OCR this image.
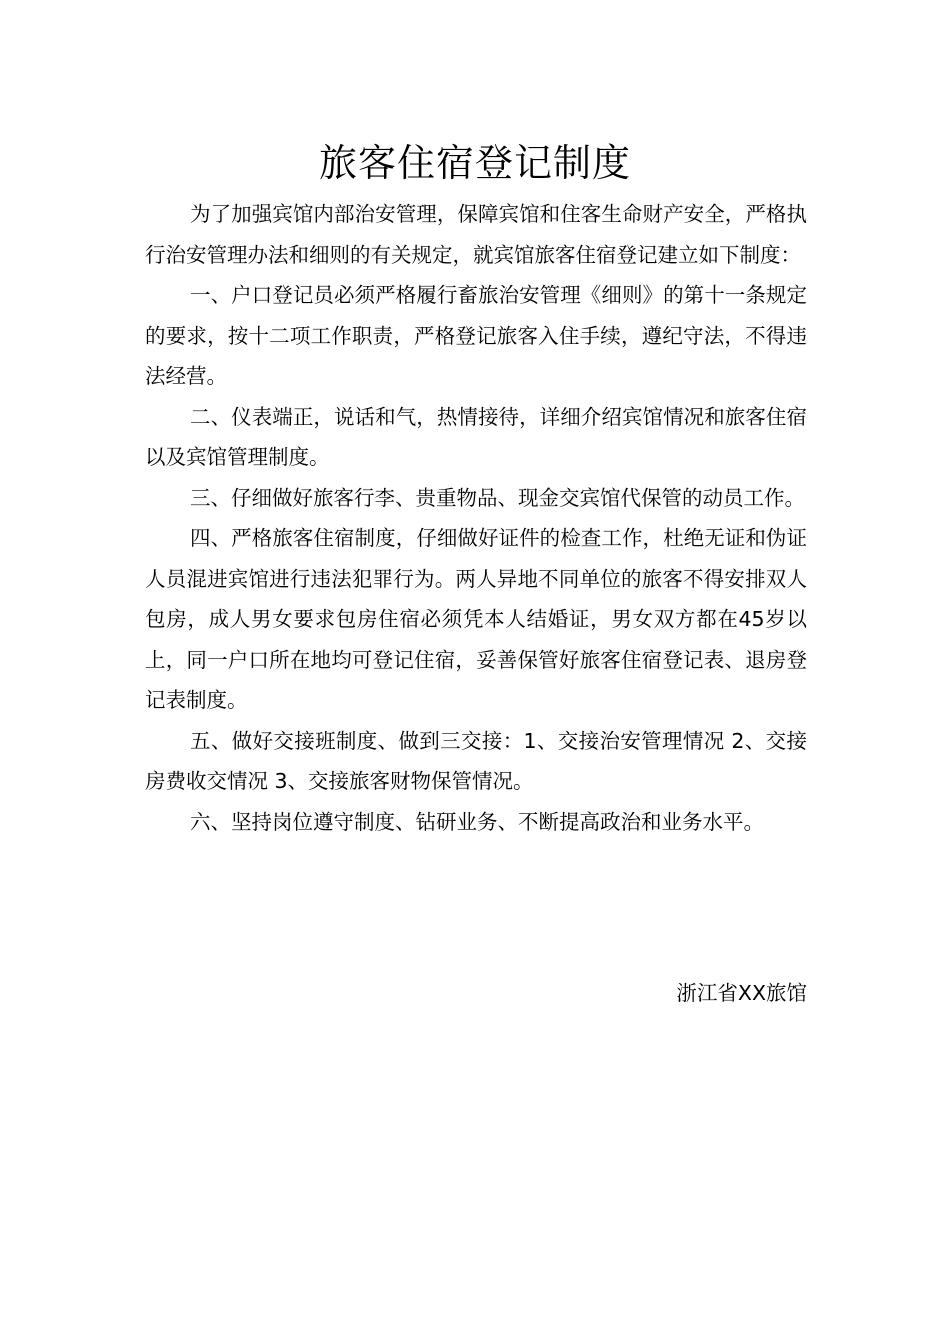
旅客住宿登记制度

为了加强宾馆内部治安管理，保障宾馆和住客生命财产安全，严格执行治安管理办法和细则的有关规定，就宾馆旅客住宿登记建立如下制度：

一、户口登记员必须严格履行畜旅治安管理《细则》的第十一条规定的要求，按十二项工作职责，严格登记旅客入住手续，遵纪守法，不得违法经营。

二、仪表端正，说话和气，热情接待，详细介绍宾馆情况和旅客住宿以及宾馆管理制度。

三、仔细做好旅客行李、贵重物品、现金交宾馆代保管的动员工作。

四、严格旅客住宿制度，仔细做好证件的检查工作，杜绝无证和伪证人员混进宾馆进行违法犯罪行为。两人异地不同单位的旅客不得安排双人包房，成人男女要求包房住宿必须凭本人结婚证，男女双方都在45岁以上，同一户口所在地均可登记住宿，妥善保管好旅客住宿登记表、退房登记表制度。

五、做好交接班制度、做到三交接：1、交接治安管理情况 2、交接房费收交情况 3、交接旅客财物保管情况。

六、坚持岗位遵守制度、钻研业务、不断提高政治和业务水平。

浙江省XX旅馆
